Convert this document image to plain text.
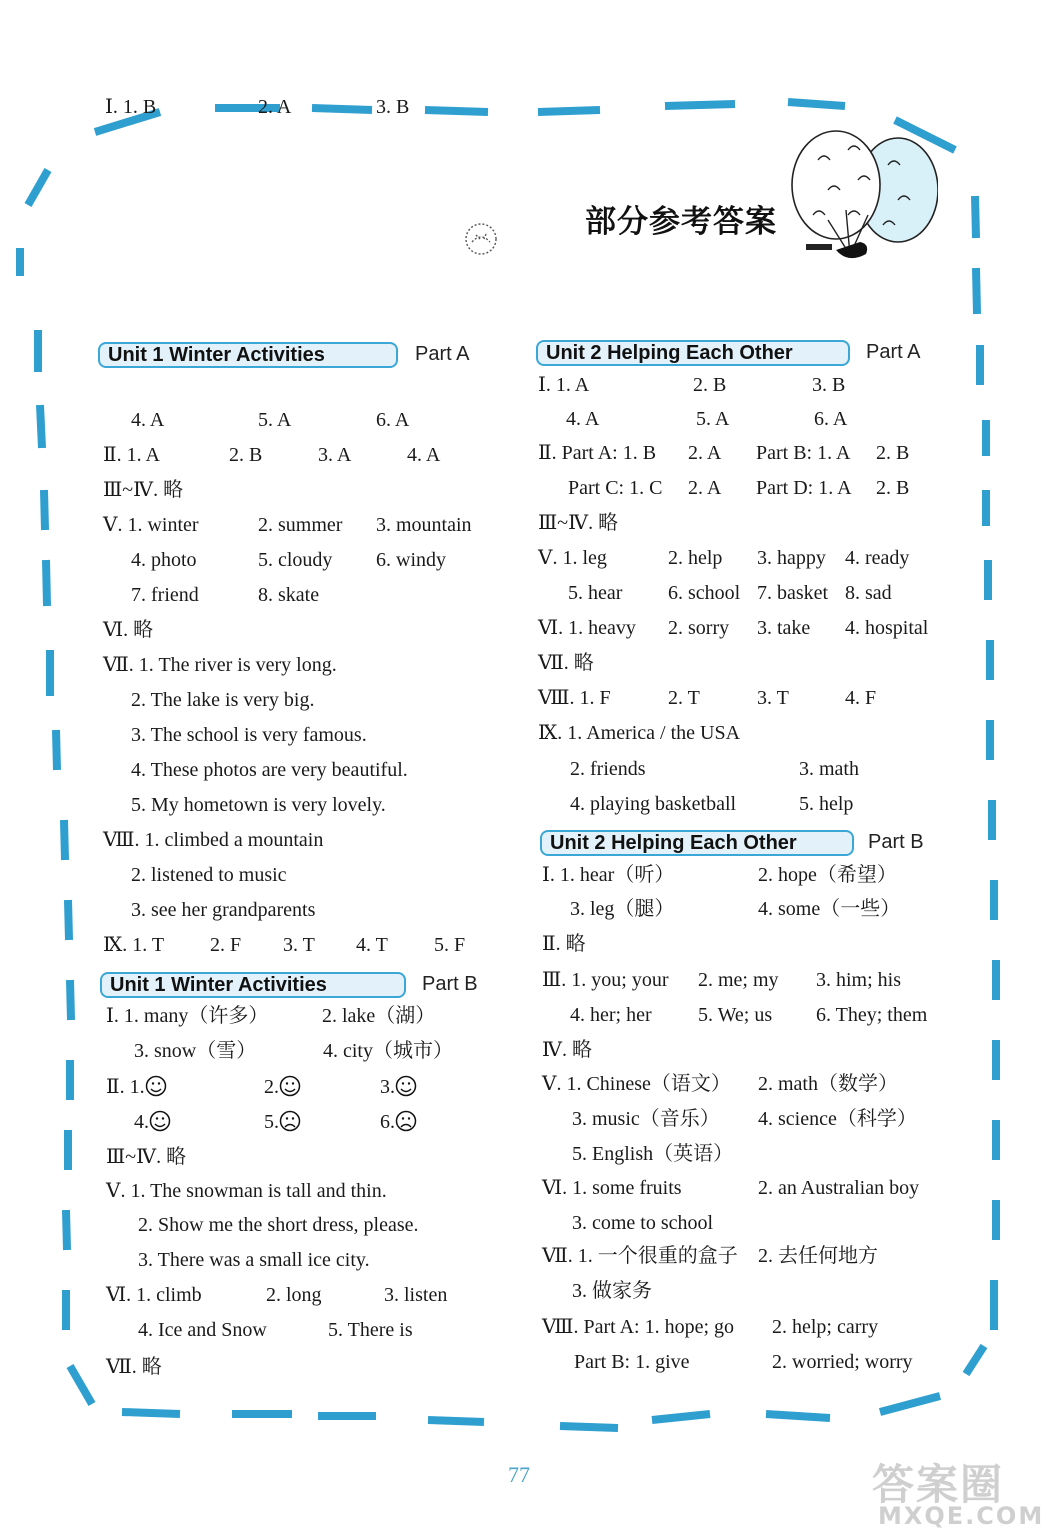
部分参考答案
Unit 1 Winter Activities	Part A
Ⅰ. 1. B	2. A	3. B
4. A	5. A	6. A
Ⅱ. 1. A	2. B	3. A	4. A
Ⅲ~Ⅳ. 略
Ⅴ. 1. winter	2. summer 3. mountain
4. photo	5. cloudy 6. windy
7. friend	8. skate
Ⅵ. 略
Ⅶ. 1. The river is very long.
2. The lake is very big.
3. The school is very famous.
4. These photos are very beautiful.
5. My hometown is very lovely.
Ⅷ. 1. climbed a mountain
2. listened to music
3. see her grandparents
Ⅸ. 1. T 2. F 3. T 4. T 5. F
Unit 1 Winter Activities	Part B
Ⅰ. 1. many（许多）	2. lake（湖）
3. snow（雪）	4. city（城市）
Ⅱ. 1.	2.	3.
4.	5.	6.
Ⅲ~Ⅳ. 略
Ⅴ. 1. The snowman is tall and thin.
2. Show me the short dress, please.
3. There was a small ice city.
Ⅵ. 1. climb	2. long	3. listen
4. Ice and Snow	5. There is
Ⅶ. 略
Unit 2 Helping Each Other	Part A
Ⅰ. 1. A	2. B	3. B
4. A	5. A	6. A
Ⅱ. Part A: 1. B 2. A Part B: 1. A 2. B
Part C: 1. C 2. A Part D: 1. A 2. B
Ⅲ~Ⅳ. 略
Ⅴ. 1. leg	2. help 3. happy 4. ready
5. hear 6. school 7. basket 8. sad
Ⅵ. 1. heavy 2. sorry 3. take 4. hospital
Ⅶ. 略
Ⅷ. 1. F	2. T	3. T	4. F
Ⅸ. 1. America / the USA
2. friends	3. math
4. playing basketball	5. help
Unit 2 Helping Each Other	Part B
Ⅰ. 1. hear（听）	2. hope（希望）
3. leg（腿）	4. some（一些）
Ⅱ. 略
Ⅲ. 1. you; your 2. me; my 3. him; his
4. her; her 5. We; us 6. They; them
Ⅳ. 略
Ⅴ. 1. Chinese（语文） 2. math（数学）
3. music（音乐） 4. science（科学）
5. English（英语）
Ⅵ. 1. some fruits	2. an Australian boy
3. come to school
Ⅶ. 1. 一个很重的盒子 2. 去任何地方
3. 做家务
Ⅷ. Part A: 1. hope; go 2. help; carry
Part B: 1. give	2. worried; worry
77	答案圈
MXQE.COM
